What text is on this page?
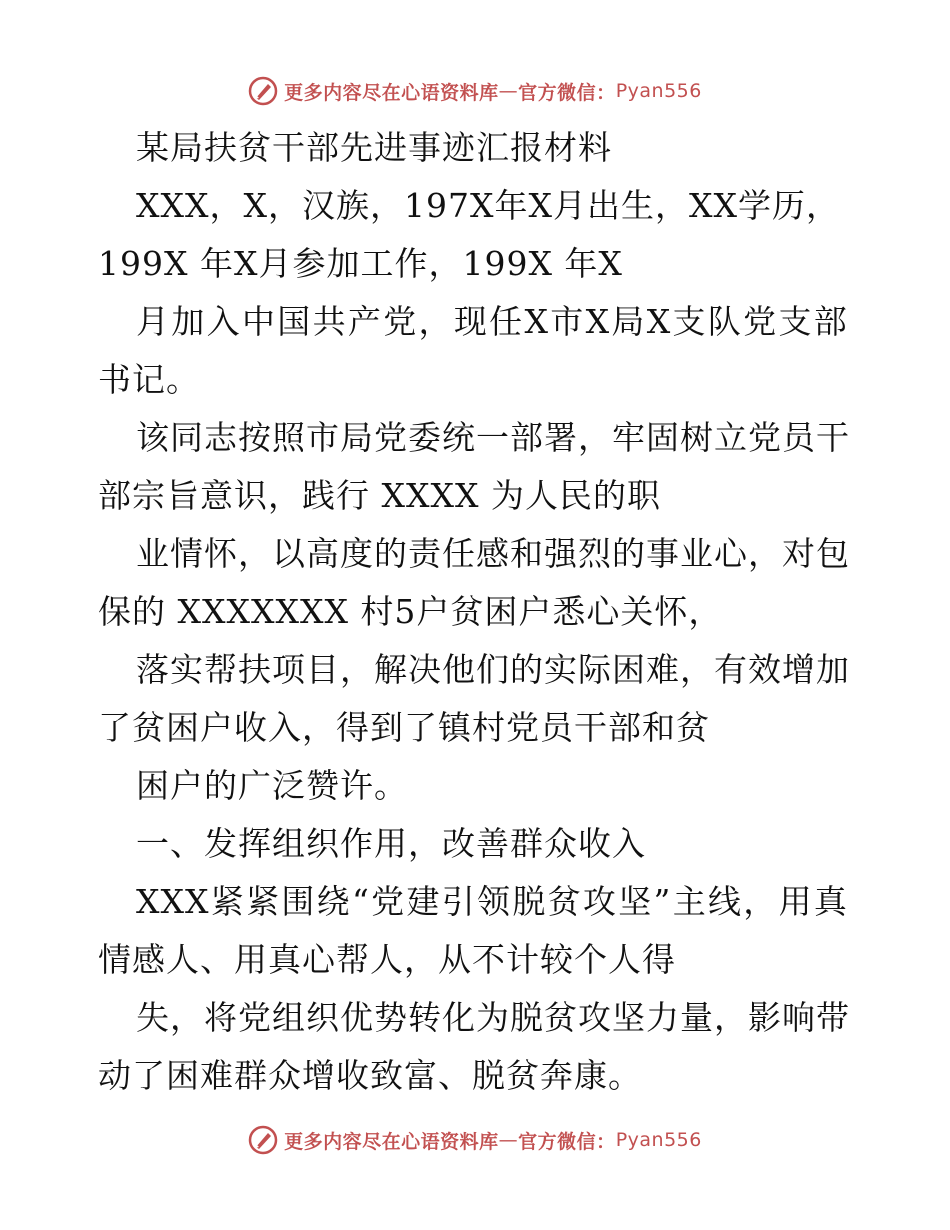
更多内容尽在心语资料库 — 官方微信： Pyan556
某局扶贫干部先进事迹汇报材料
XXX ， X ， 汉 族 ， 197X 年 X 月 出 生 ， XX 学 历 ，
199X 年X月参加工作，199X 年X
月 加 入 中 国 共 产 党 ， 现 任 X 市 X 局 X 支 队 党 支 部
书记。
该 同 志 按 照 市 局 党 委 统 一 部 署 ， 牢 固 树 立 党 员 干
部宗旨意识，践行 XXXX 为人民的职
业 情 怀 ， 以 高 度 的 责 任 感 和 强 烈 的 事 业 心 ， 对 包
保的 XXXXXXX 村5户贫困户悉心关怀，
落 实 帮 扶 项 目 ， 解 决 他 们 的 实 际 困 难 ， 有 效 增 加
了贫困户收入，得到了镇村党员干部和贫
困户的广泛赞许。
一、发挥组织作用，改善群众收入
XXX 紧 紧 围 绕 “ 党 建 引 领 脱 贫 攻 坚 ” 主 线 ， 用 真
情感人、用真心帮人，从不计较个人得
失 ， 将 党 组 织 优 势 转 化 为 脱 贫 攻 坚 力 量 ， 影 响 带
动了困难群众增收致富、脱贫奔康。
更多内容尽在心语资料库 — 官方微信： Pyan556
